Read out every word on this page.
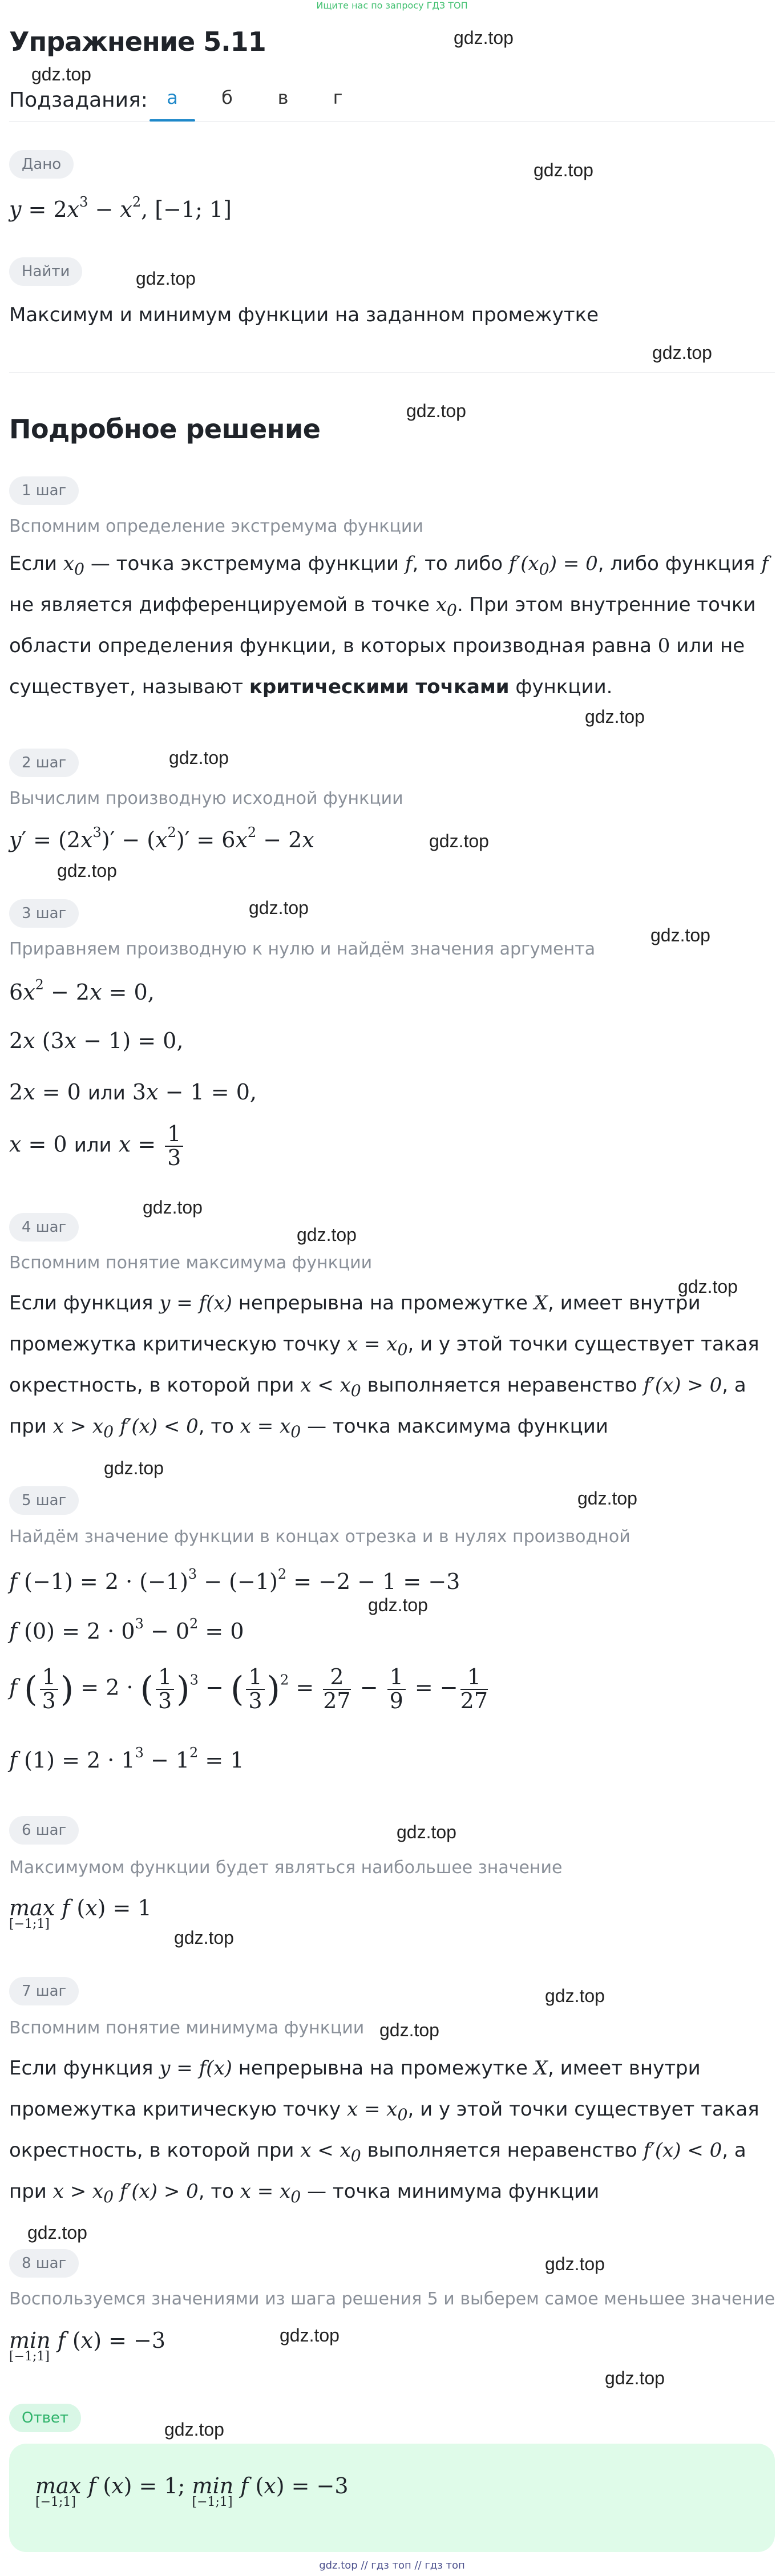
Ищите нас по запросу ГДЗ ТОП
gdz.top
gdz.top
gdz.top
gdz.top
gdz.top
gdz.top
gdz.top
gdz.top
gdz.top
gdz.top
gdz.top
gdz.top
gdz.top
gdz.top
gdz.top
gdz.top
gdz.top
gdz.top
gdz.top
gdz.top
gdz.top
gdz.top
gdz.top
gdz.top
gdz.top
gdz.top
gdz.top
Упражнение 5.11
Подзадания:	а	б	в	г
Дано
$y = 2x^3 - x^2$, [−1; 1]
Найти
Максимум и минимум функции на заданном промежутке
Подробное решение
1 шаг
Вспомним определение экстремума функции
Если $x_0$ — точка экстремума функции f, то либо $f'(x_0) = 0$, либо функция f
не является дифференцируемой в точке $x_0$. При этом внутренние точки
области определения функции, в которых производная равна 0 или не
существует, называют критическими точками функции.
2 шаг
Вычислим производную исходной функции
$y' = (2x^3)' - (x^2)' = 6x^2 - 2x$
3 шаг
Приравняем производную к нулю и найдём значения аргумента
$6x^2 - 2x = 0$,
2x (3x − 1) = 0,
2x = 0 или 3x − 1 = 0,
x = 0 или $x = \frac{1}{3}$
4 шаг
Вспомним понятие максимума функции
Если функция y = f(x) непрерывна на промежутке X, имеет внутри
промежутка критическую точку $x = x_0$, и у этой точки существует такая
окрестность, в которой при $x < x_0$ выполняется неравенство f′(x) > 0, а
при $x > x_0$ f′(x) < 0, то $x = x_0$ — точка максимума функции
5 шаг
Найдём значение функции в концах отрезка и в нулях производной
f $(-1) = 2 \cdot (-1)^3 - (-1)^2 = -2 - 1 = -3$
f $(0) = 2 \cdot 0^3 - 0^2 = 0$
f ( $\frac{1}{3}$ ) = 2 · ( $\frac{1}{3} )^3$ − ( $\frac{1}{3} )^2 = \frac{2}{27} - \frac{1}{9}$ = − $\frac{1}{27}$
f $(1) = 2 \cdot 1^3 - 1^2 = 1$
6 шаг
Максимумом функции будет являться наибольшее значение
max
[−1;1]
f (x) = 1
7 шаг
Вспомним понятие минимума функции
Если функция y = f(x) непрерывна на промежутке X, имеет внутри
промежутка критическую точку $x = x_0$, и у этой точки существует такая
окрестность, в которой при $x < x_0$ выполняется неравенство f′(x) < 0, а
при $x > x_0$ f′(x) > 0, то $x = x_0$ — точка минимума функции
8 шаг
Воспользуемся значениями из шага решения 5 и выберем самое меньшее значение
min
[−1;1]
f (x) = −3
Ответ
max
[−1;1]
f (x) = 1; min
[−1;1]
f (x) = −3
gdz.top // гдз топ // гдз топ
